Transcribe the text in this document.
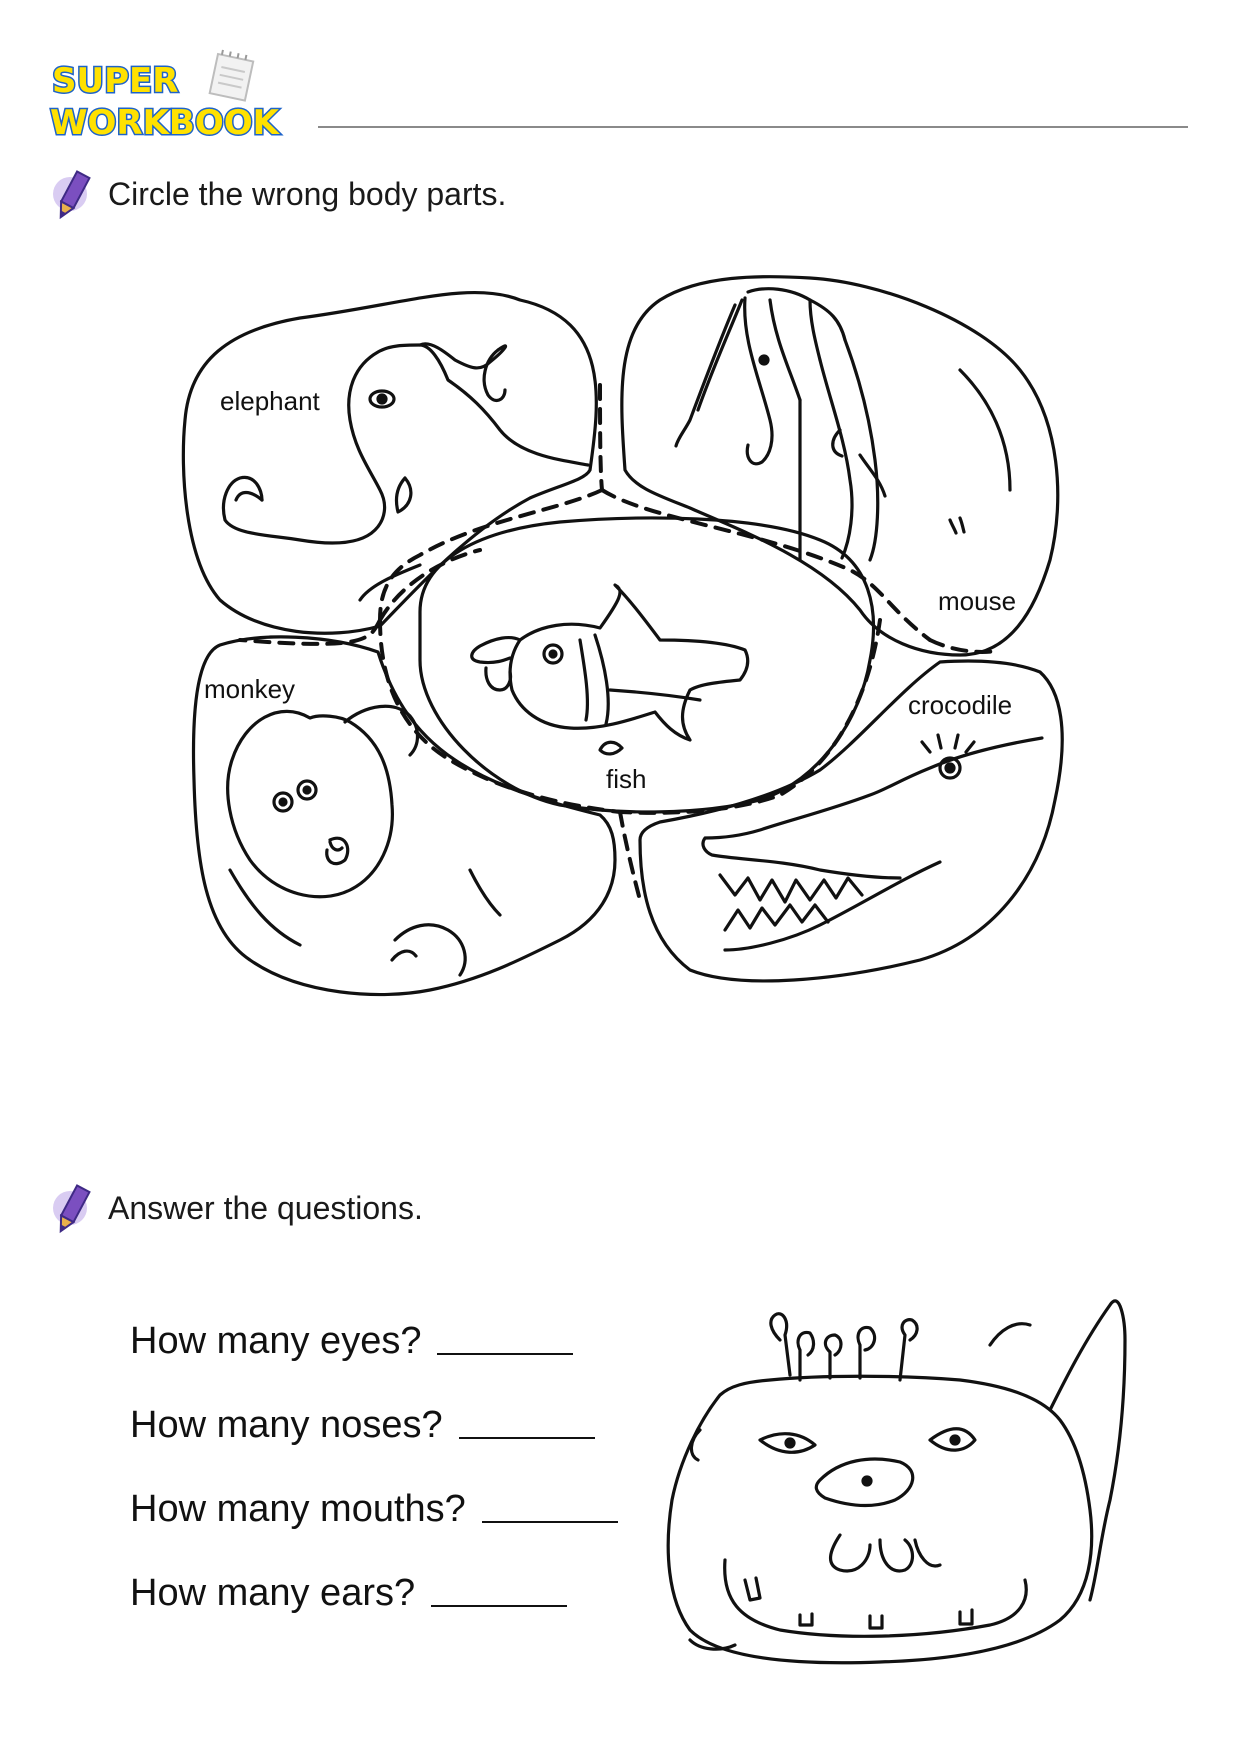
SUPER
WORKBOOK
Circle the wrong body parts.
elephant
mouse
monkey
crocodile
fish
Answer the questions.
How many eyes?
How many noses?
How many mouths?
How many ears?
